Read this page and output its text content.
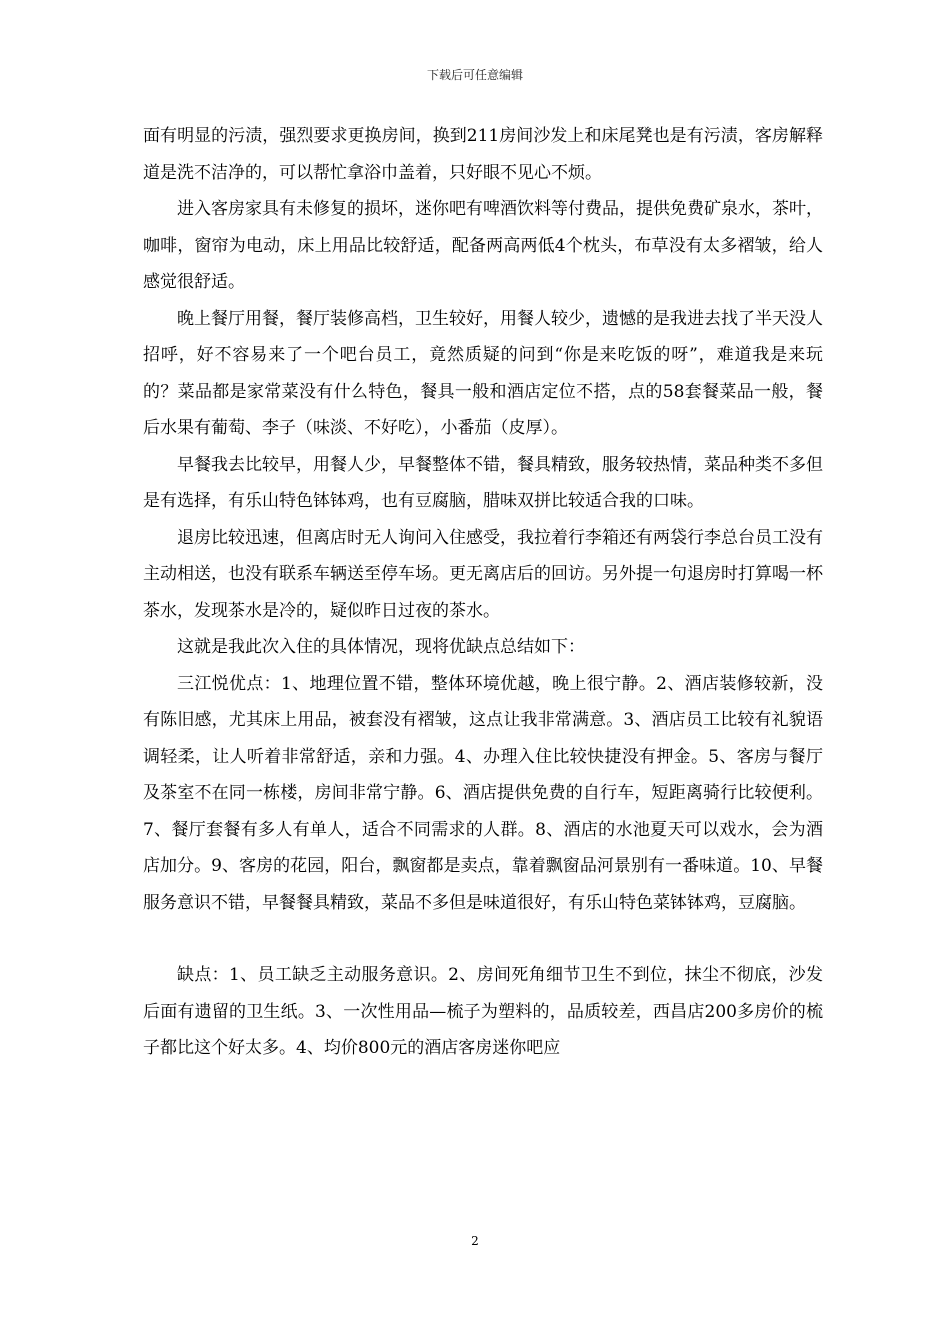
下载后可任意编辑

面有明显的污渍，强烈要求更换房间，换到211房间沙发上和床尾凳也是有污渍，客房解释道是洗不洁净的，可以帮忙拿浴巾盖着，只好眼不见心不烦。

进入客房家具有未修复的损坏，迷你吧有啤酒饮料等付费品，提供免费矿泉水，茶叶，咖啡，窗帘为电动，床上用品比较舒适，配备两高两低4个枕头，布草没有太多褶皱，给人感觉很舒适。

晚上餐厅用餐，餐厅装修高档，卫生较好，用餐人较少，遗憾的是我进去找了半天没人招呼，好不容易来了一个吧台员工，竟然质疑的问到“你是来吃饭的呀”，难道我是来玩的？菜品都是家常菜没有什么特色，餐具一般和酒店定位不搭，点的58套餐菜品一般，餐后水果有葡萄、李子（味淡、不好吃），小番茄（皮厚）。

早餐我去比较早，用餐人少，早餐整体不错，餐具精致，服务较热情，菜品种类不多但是有选择，有乐山特色钵钵鸡，也有豆腐脑，腊味双拼比较适合我的口味。

退房比较迅速，但离店时无人询问入住感受，我拉着行李箱还有两袋行李总台员工没有主动相送，也没有联系车辆送至停车场。更无离店后的回访。另外提一句退房时打算喝一杯茶水，发现茶水是冷的，疑似昨日过夜的茶水。

这就是我此次入住的具体情况，现将优缺点总结如下：

三江悦优点：1、地理位置不错，整体环境优越，晚上很宁静。2、酒店装修较新，没有陈旧感，尤其床上用品，被套没有褶皱，这点让我非常满意。3、酒店员工比较有礼貌语调轻柔，让人听着非常舒适，亲和力强。4、办理入住比较快捷没有押金。5、客房与餐厅及茶室不在同一栋楼，房间非常宁静。6、酒店提供免费的自行车，短距离骑行比较便利。7、餐厅套餐有多人有单人，适合不同需求的人群。8、酒店的水池夏天可以戏水，会为酒店加分。9、客房的花园，阳台，飘窗都是卖点，靠着飘窗品河景别有一番味道。10、早餐服务意识不错，早餐餐具精致，菜品不多但是味道很好，有乐山特色菜钵钵鸡，豆腐脑。

缺点：1、员工缺乏主动服务意识。2、房间死角细节卫生不到位，抹尘不彻底，沙发后面有遗留的卫生纸。3、一次性用品—梳子为塑料的，品质较差，西昌店200多房价的梳子都比这个好太多。4、均价800元的酒店客房迷你吧应

2
